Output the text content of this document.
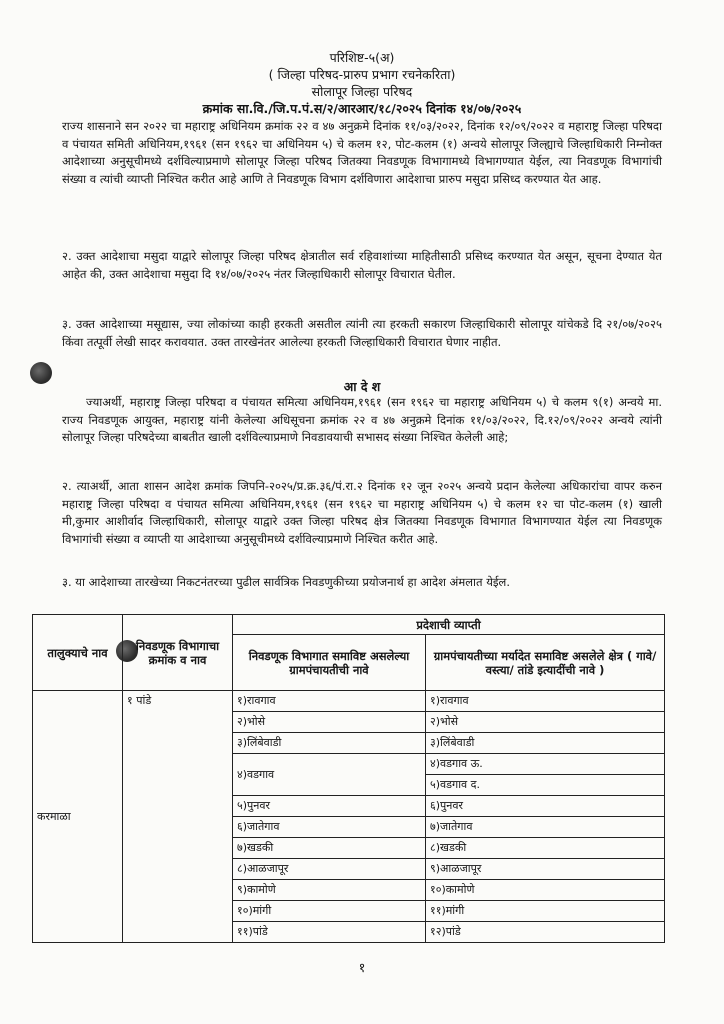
परिशिष्ट-५(अ)
( जिल्हा परिषद-प्रारुप प्रभाग रचनेकरिता)
सोलापूर जिल्हा परिषद
क्रमांक सा.वि./जि.प.पं.स/२/आरआर/१८/२०२५ दिनांक १४/०७/२०२५
राज्य शासनाने सन २०२२ चा महाराष्ट्र अधिनियम क्रमांक २२ व ४७ अनुक्रमे दिनांक ११/०३/२०२२, दिनांक १२/०९/२०२२ व महाराष्ट्र जिल्हा परिषदा व पंचायत समिती अधिनियम,१९६१ (सन १९६२ चा अधिनियम ५) चे कलम १२, पोट-कलम (१) अन्वये सोलापूर जिल्ह्याचे जिल्हाधिकारी निम्नोक्त आदेशाच्या अनुसूचीमध्ये दर्शविल्याप्रमाणे सोलापूर जिल्हा परिषद जितक्या निवडणूक विभागामध्ये विभागण्यात येईल, त्या निवडणूक विभागांची संख्या व त्यांची व्याप्ती निश्चित करीत आहे आणि ते निवडणूक विभाग दर्शविणारा आदेशाचा प्रारुप मसुदा प्रसिध्द करण्यात येत आह.
२. उक्त आदेशाचा मसुदा याद्वारे सोलापूर जिल्हा परिषद क्षेत्रातील सर्व रहिवाशांच्या माहितीसाठी प्रसिध्द करण्यात येत असून, सूचना देण्यात येत आहेत की, उक्त आदेशाचा मसुदा दि १४/०७/२०२५ नंतर जिल्हाधिकारी सोलापूर विचारात घेतील.
३. उक्त आदेशाच्या मसूद्यास, ज्या लोकांच्या काही हरकती असतील त्यांनी त्या हरकती सकारण जिल्हाधिकारी सोलापूर यांचेकडे दि २१/०७/२०२५ किंवा तत्पूर्वी लेखी सादर करावयात. उक्त तारखेनंतर आलेल्या हरकती जिल्हाधिकारी विचारात घेणार नाहीत.
आ दे श
ज्याअर्थी, महाराष्ट्र जिल्हा परिषदा व पंचायत समित्या अधिनियम,१९६१ (सन १९६२ चा महाराष्ट्र अधिनियम ५) चे कलम ९(१) अन्वये मा. राज्य निवडणूक आयुक्त, महाराष्ट्र यांनी केलेल्या अधिसूचना क्रमांक २२ व ४७ अनुक्रमे दिनांक ११/०३/२०२२, दि.१२/०९/२०२२ अन्वये त्यांनी सोलापूर जिल्हा परिषदेच्या बाबतीत खाली दर्शविल्याप्रमाणे निवडावयाची सभासद संख्या निश्चित केलेली आहे;
२. त्याअर्थी, आता शासन आदेश क्रमांक जिपनि-२०२५/प्र.क्र.३६/पं.रा.२ दिनांक १२ जून २०२५ अन्वये प्रदान केलेल्या अधिकारांचा वापर करुन महाराष्ट्र जिल्हा परिषदा व पंचायत समित्या अधिनियम,१९६१ (सन १९६२ चा महाराष्ट्र अधिनियम ५) चे कलम १२ चा पोट-कलम (१) खाली मी,कुमार आशीर्वाद जिल्हाधिकारी, सोलापूर याद्वारे उक्त जिल्हा परिषद क्षेत्र जितक्या निवडणूक विभागात विभागण्यात येईल त्या निवडणूक विभागांची संख्या व व्याप्ती या आदेशाच्या अनुसूचीमध्ये दर्शविल्याप्रमाणे निश्चित करीत आहे.
३. या आदेशाच्या तारखेच्या निकटनंतरच्या पुढील सार्वत्रिक निवडणुकीच्या प्रयोजनार्थ हा आदेश अंमलात येईल.
तालुक्याचे नाव	निवडणूक विभागाचा क्रमांक व नाव	प्रदेशाची व्याप्ती	
		निवडणूक विभागात समाविष्ट असलेल्या ग्रामपंचायतीची नावे	ग्रामपंचायतीच्या मर्यादेत समाविष्ट असलेले क्षेत्र ( गावे/वस्त्या/ तांडे इत्यादींची नावे )
करमाळा	१ पांडे	१)रावगाव	१)रावगाव
		२)भोसे	२)भोसे
		३)लिंबेवाडी	३)लिंबेवाडी
		४)वडगाव	४)वडगाव ऊ.
			५)वडगाव द.
		५)पुनवर	६)पुनवर
		६)जातेगाव	७)जातेगाव
		७)खडकी	८)खडकी
		८)आळजापूर	९)आळजापूर
		९)कामोणे	१०)कामोणे
		१०)मांगी	११)मांगी
		११)पांडे	१२)पांडे
१
